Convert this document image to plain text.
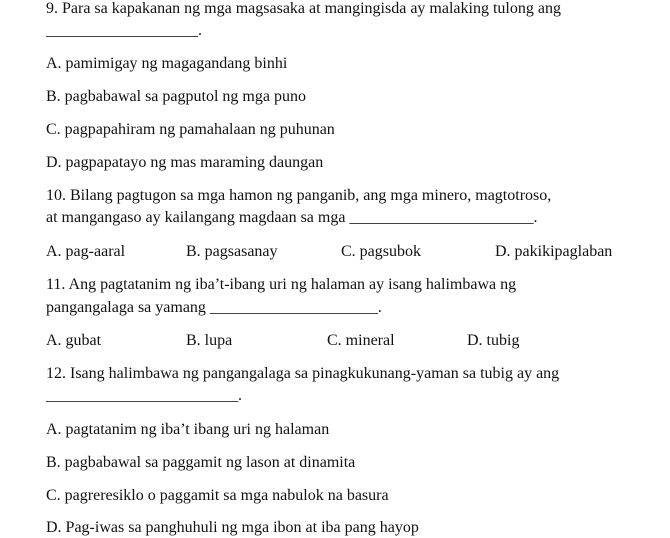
9. Para sa kapakanan ng mga magsasaka at mangingisda ay malaking tulong ang
___________________.
A. pamimigay ng magagandang binhi
B. pagbabawal sa pagputol ng mga puno
C. pagpapahiram ng pamahalaan ng puhunan
D. pagpapatayo ng mas maraming daungan
10. Bilang pagtugon sa mga hamon ng panganib, ang mga minero, magtotroso,
at mangangaso ay kailangang magdaan sa mga _______________________.
A. pag-aaral	B. pagsasanay	C. pagsubok	D. pakikipaglaban
11. Ang pagtatanim ng iba’t-ibang uri ng halaman ay isang halimbawa ng
pangangalaga sa yamang _____________________.
A. gubat	B. lupa	C. mineral	D. tubig
12. Isang halimbawa ng pangangalaga sa pinagkukunang-yaman sa tubig ay ang
________________________.
A. pagtatanim ng iba’t ibang uri ng halaman
B. pagbabawal sa paggamit ng lason at dinamita
C. pagreresiklo o paggamit sa mga nabulok na basura
D. Pag-iwas sa panghuhuli ng mga ibon at iba pang hayop
